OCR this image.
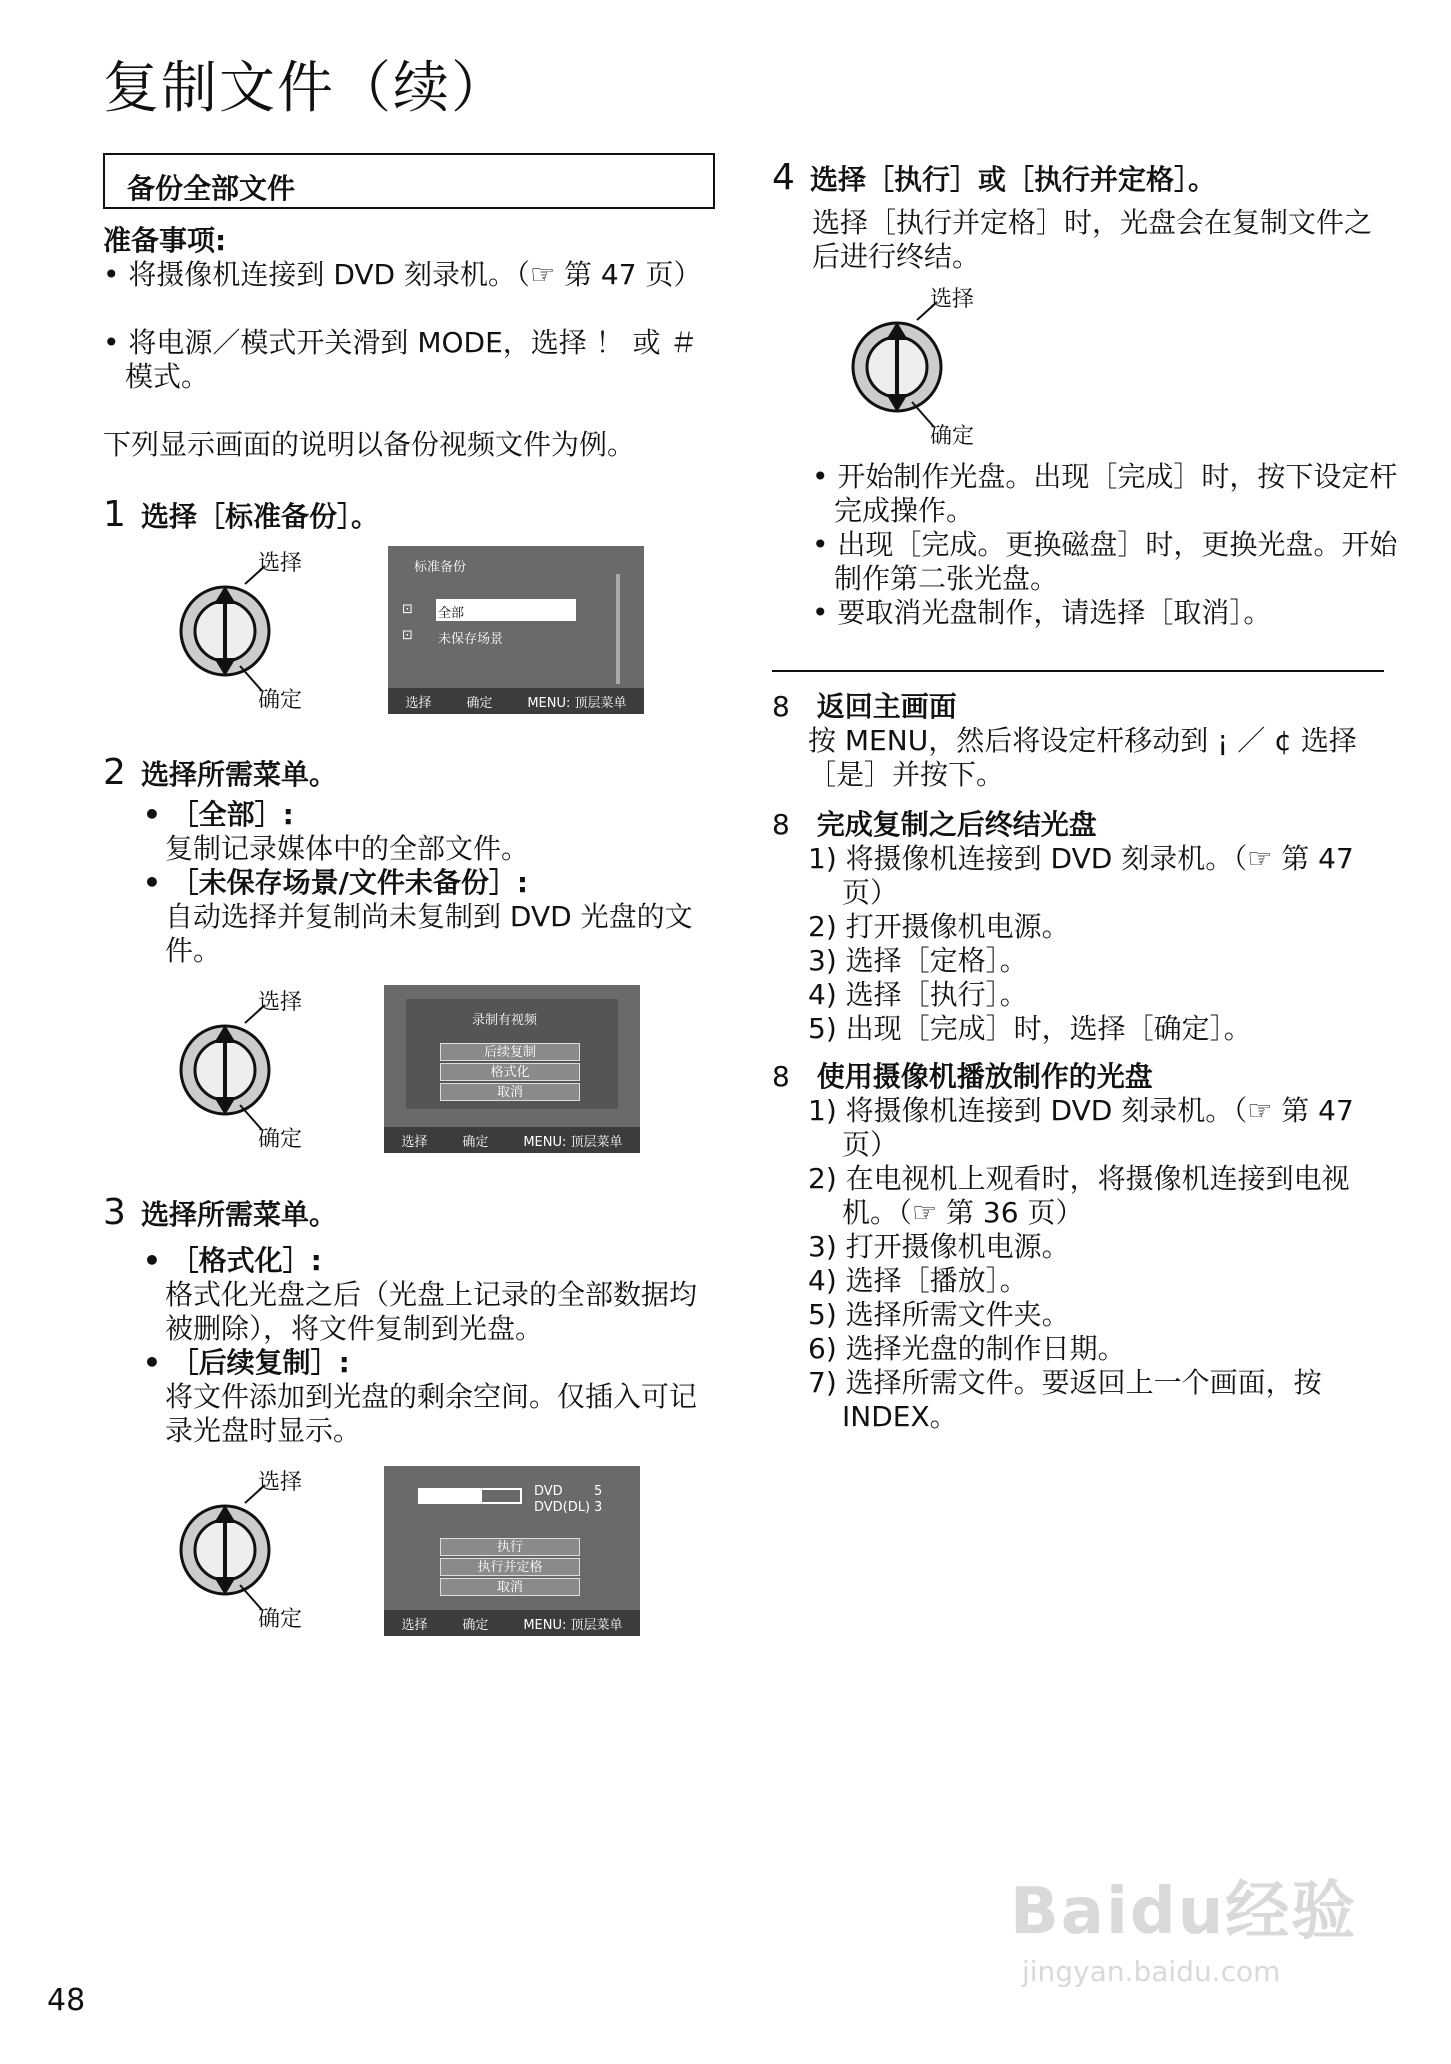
复制文件（续）
备份全部文件
准备事项:
• 将摄像机连接到 DVD 刻录机。（☞ 第 47 页）
• 将电源／模式开关滑到 MODE，选择 ！ 或 ＃ 模式。
下列显示画面的说明以备份视频文件为例。
1 选择［标准备份］。
选择
确定
标准备份
⊡ 全部
⊡ 未保存场景
选择	确定	MENU: 顶层菜单
2 选择所需菜单。
• ［全部］:
复制记录媒体中的全部文件。
• ［未保存场景/文件未备份］:
自动选择并复制尚未复制到 DVD 光盘的文件。
选择
确定
录制有视频
后续复制
格式化
取消
选择	确定	MENU: 顶层菜单
3 选择所需菜单。
• ［格式化］:
格式化光盘之后（光盘上记录的全部数据均被删除），将文件复制到光盘。
• ［后续复制］:
将文件添加到光盘的剩余空间。仅插入可记录光盘时显示。
选择
确定
DVD 5
DVD(DL) 3
执行
执行并定格
取消
选择	确定	MENU: 顶层菜单
4 选择［执行］或［执行并定格］。
选择［执行并定格］时，光盘会在复制文件之后进行终结。
选择
确定
• 开始制作光盘。出现［完成］时，按下设定杆完成操作。
• 出现［完成。更换磁盘］时，更换光盘。开始制作第二张光盘。
• 要取消光盘制作，请选择［取消］。
8 返回主画面
按 MENU，然后将设定杆移动到 ¡ ／ ¢ 选择［是］并按下。
8 完成复制之后终结光盘
1) 将摄像机连接到 DVD 刻录机。（☞ 第 47 页）
2) 打开摄像机电源。
3) 选择［定格］。
4) 选择［执行］。
5) 出现［完成］时，选择［确定］。
8 使用摄像机播放制作的光盘
1) 将摄像机连接到 DVD 刻录机。（☞ 第 47 页）
2) 在电视机上观看时，将摄像机连接到电视机。（☞ 第 36 页）
3) 打开摄像机电源。
4) 选择［播放］。
5) 选择所需文件夹。
6) 选择光盘的制作日期。
7) 选择所需文件。要返回上一个画面，按 INDEX。
Baidu经验
jingyan.baidu.com
48
